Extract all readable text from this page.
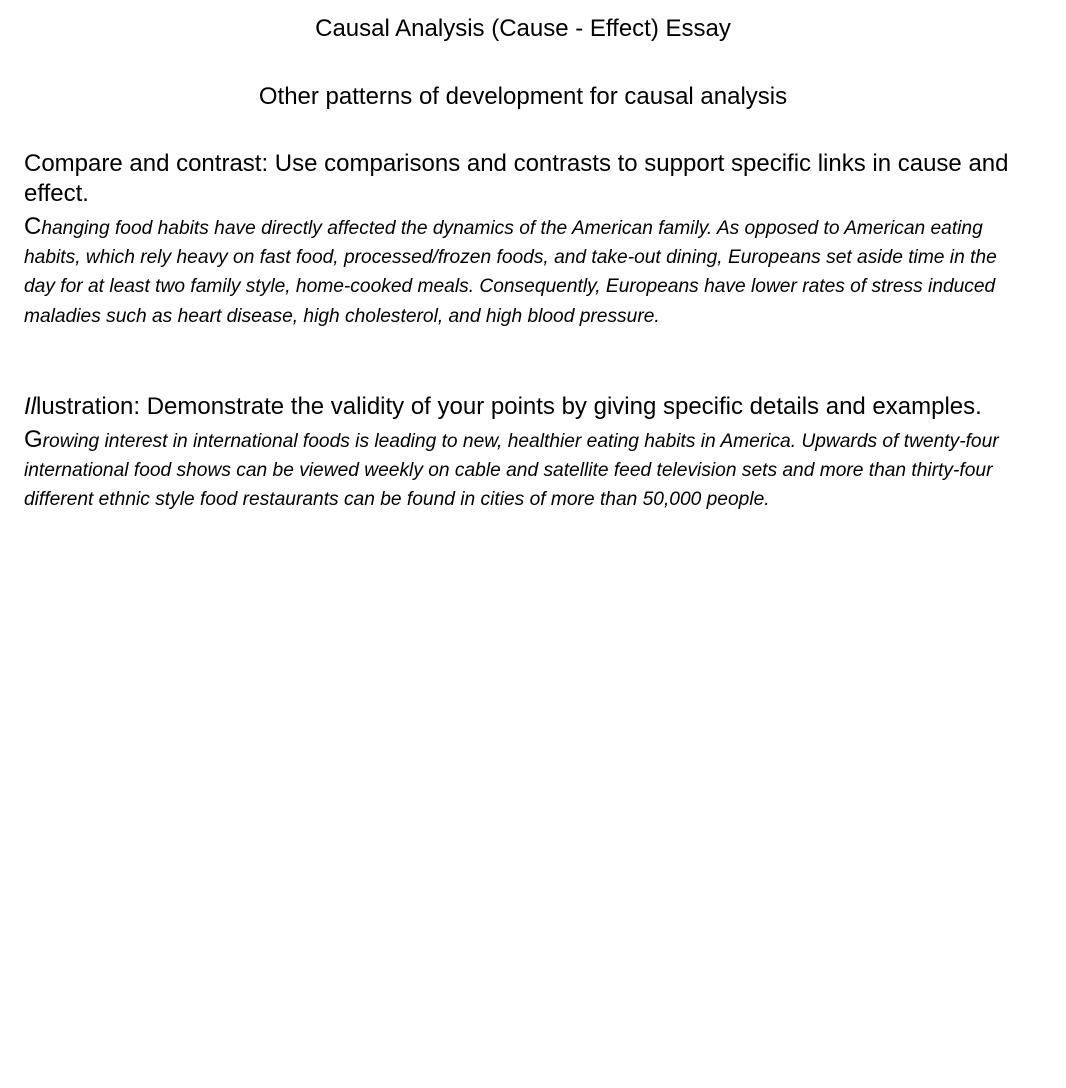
Causal Analysis (Cause - Effect) Essay
Other patterns of development for causal analysis

Compare and contrast: Use comparisons and contrasts to support specific links in cause and effect.

Changing food habits have directly affected the dynamics of the American family. As opposed to American eating habits, which rely heavy on fast food, processed/frozen foods, and take-out dining, Europeans set aside time in the day for at least two family style, home-cooked meals. Consequently, Europeans have lower rates of stress induced maladies such as heart disease, high cholesterol, and high blood pressure.

Illustration: Demonstrate the validity of your points by giving specific details and examples.

Growing interest in international foods is leading to new, healthier eating habits in America. Upwards of twenty-four international food shows can be viewed weekly on cable and satellite feed television sets and more than thirty-four different ethnic style food restaurants can be found in cities of more than 50,000 people.
